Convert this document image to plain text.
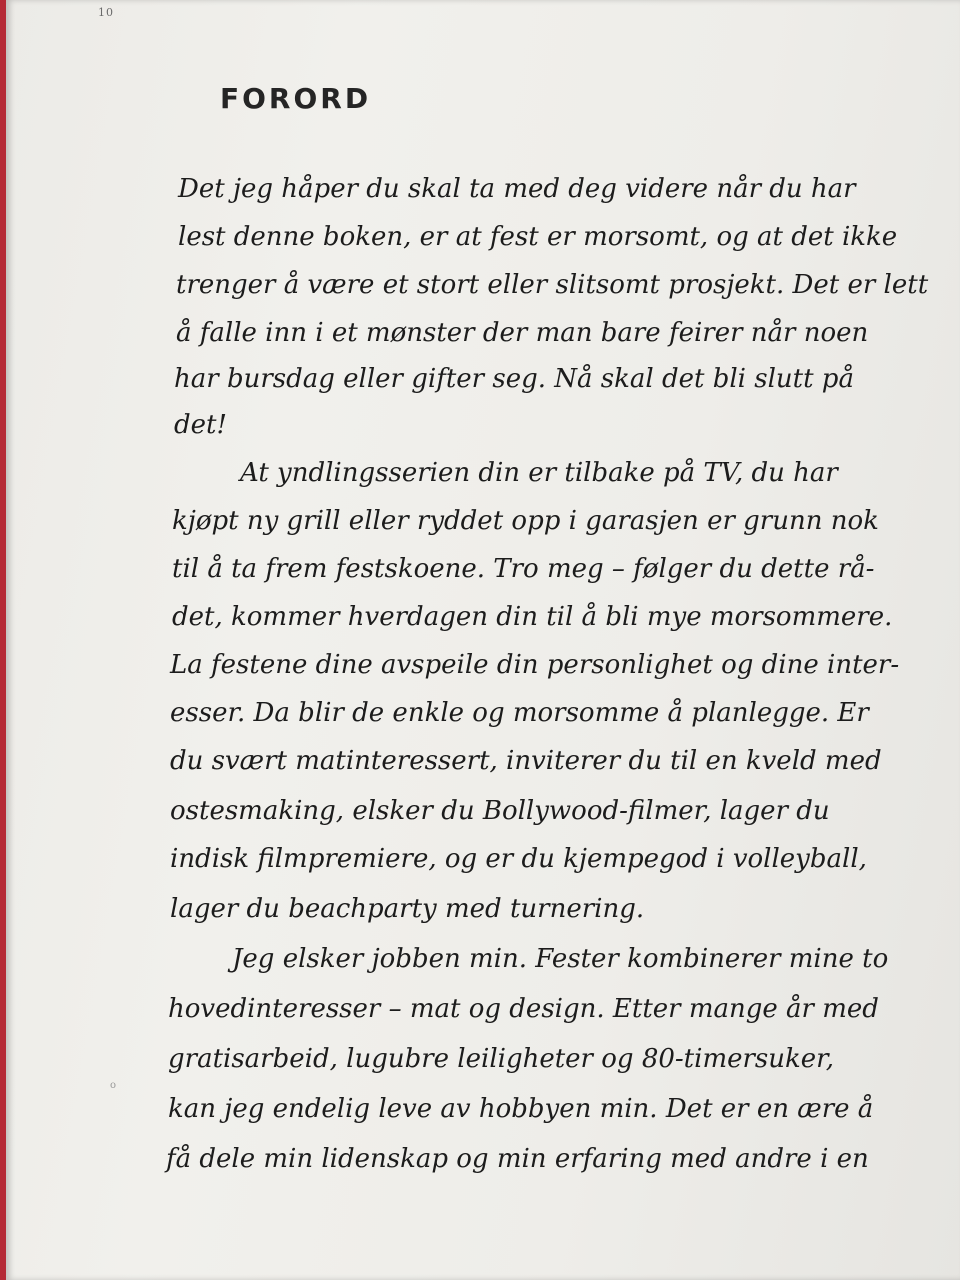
10
FORORD
Det jeg håper du skal ta med deg videre når du har
lest denne boken, er at fest er morsomt, og at det ikke
trenger å være et stort eller slitsomt prosjekt. Det er lett
å falle inn i et mønster der man bare feirer når noen
har bursdag eller gifter seg. Nå skal det bli slutt på
det!
At yndlingsserien din er tilbake på TV, du har
kjøpt ny grill eller ryddet opp i garasjen er grunn nok
til å ta frem festskoene. Tro meg – følger du dette rå-
det, kommer hverdagen din til å bli mye morsommere.
La festene dine avspeile din personlighet og dine inter-
esser. Da blir de enkle og morsomme å planlegge. Er
du svært matinteressert, inviterer du til en kveld med
ostesmaking, elsker du Bollywood-filmer, lager du
indisk filmpremiere, og er du kjempegod i volleyball,
lager du beachparty med turnering.
Jeg elsker jobben min. Fester kombinerer mine to
hovedinteresser – mat og design. Etter mange år med
gratisarbeid, lugubre leiligheter og 80-timersuker,
kan jeg endelig leve av hobbyen min. Det er en ære å
få dele min lidenskap og min erfaring med andre i en
o
